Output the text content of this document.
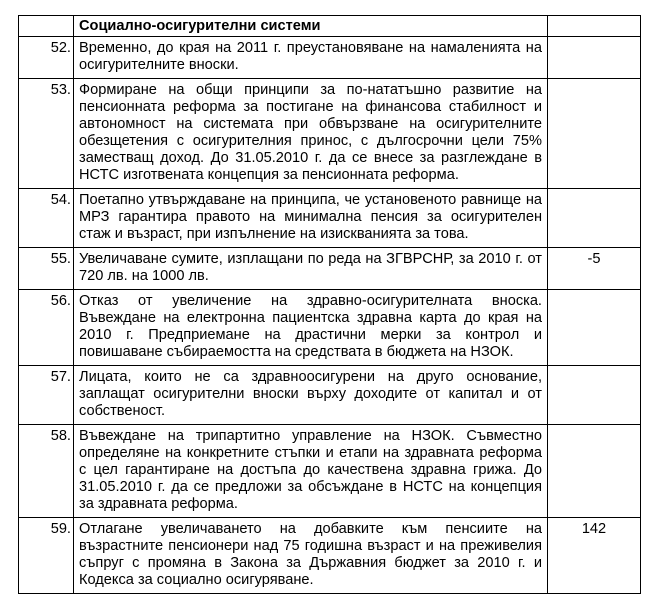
	Социално-осигурителни системи	
52.	Временно, до края на 2011 г. преустановяване на намаленията на осигурителните вноски.	
53.	Формиране на общи принципи за по-нататъшно развитие на пенсионната реформа за постигане на финансова стабилност и автономност на системата при обвързване на осигурителните обезщетения с осигурителния принос, с дългосрочни цели 75% заместващ доход. До 31.05.2010 г. да се внесе за разглеждане в НСТС изготвената концепция за пенсионната реформа.	
54.	Поетапно утвърждаване на принципа, че установеното равнище на МРЗ гарантира правото на минимална пенсия за осигурителен стаж и възраст, при изпълнение на изискванията за това.	
55.	Увеличаване сумите, изплащани по реда на ЗГВРСНР, за 2010 г. от 720 лв. на 1000 лв.	-5
56.	Отказ от увеличение на здравно-осигурителната вноска. Въвеждане на електронна пациентска здравна карта до края на 2010 г. Предприемане на драстични мерки за контрол и повишаване събираемостта на средствата в бюджета на НЗОК.	
57.	Лицата, които не са здравноосигурени на друго основание, заплащат осигурителни вноски върху доходите от капитал и от собственост.	
58.	Въвеждане на трипартитно управление на НЗОК. Съвместно определяне на конкретните стъпки и етапи на здравната реформа с цел гарантиране на достъпа до качествена здравна грижа. До 31.05.2010 г. да се предложи за обсъждане в НСТС на концепция за здравната реформа.	
59.	Отлагане увеличаването на добавките към пенсиите на възрастните пенсионери над 75 годишна възраст и на преживелия съпруг с промяна в Закона за Държавния бюджет за 2010 г. и Кодекса за социално осигуряване.	142
